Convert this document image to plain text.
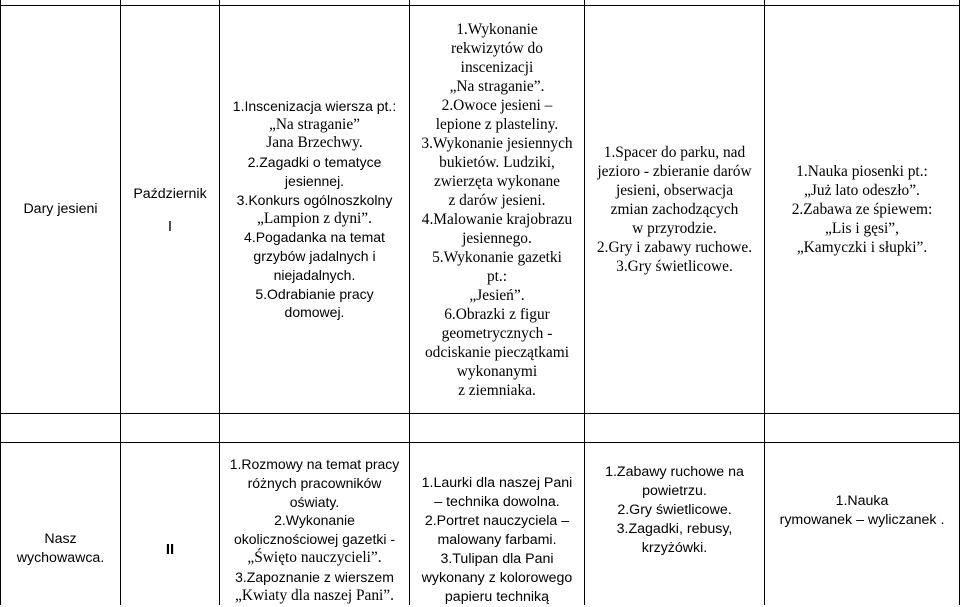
Dary jesieni
Październik
I
1.Inscenizacja wiersza pt.:
„Na straganie”
Jana Brzechwy.
2.Zagadki o tematyce
jesiennej.
3.Konkurs ogólnoszkolny
„Lampion z dyni”.
4.Pogadanka na temat
grzybów jadalnych i
niejadalnych.
5.Odrabianie pracy
domowej.
1.Wykonanie
rekwizytów do
inscenizacji
„Na straganie”.
2.Owoce jesieni –
lepione z plasteliny.
3.Wykonanie jesiennych
bukietów. Ludziki,
zwierzęta wykonane
z darów jesieni.
4.Malowanie krajobrazu
jesiennego.
5.Wykonanie gazetki
pt.:
„Jesień”.
6.Obrazki z figur
geometrycznych -
odciskanie pieczątkami
wykonanymi
z ziemniaka.
1.Spacer do parku, nad
jezioro - zbieranie darów
jesieni, obserwacja
zmian zachodzących
w przyrodzie.
2.Gry i zabawy ruchowe.
3.Gry świetlicowe.
1.Nauka piosenki pt.:
„Już lato odeszło”.
2.Zabawa ze śpiewem:
„Lis i gęsi”,
„Kamyczki i słupki”.
Nasz
wychowawca.
II
1.Rozmowy na temat pracy
różnych pracowników
oświaty.
2.Wykonanie
okolicznościowej gazetki -
„Święto nauczycieli”.
3.Zapoznanie z wierszem
„Kwiaty dla naszej Pani”.
1.Laurki dla naszej Pani
– technika dowolna.
2.Portret nauczyciela –
malowany farbami.
3.Tulipan dla Pani
wykonany z kolorowego
papieru techniką
1.Zabawy ruchowe na
powietrzu.
2.Gry świetlicowe.
3.Zagadki, rebusy,
krzyżówki.
1.Nauka
rymowanek – wyliczanek .
